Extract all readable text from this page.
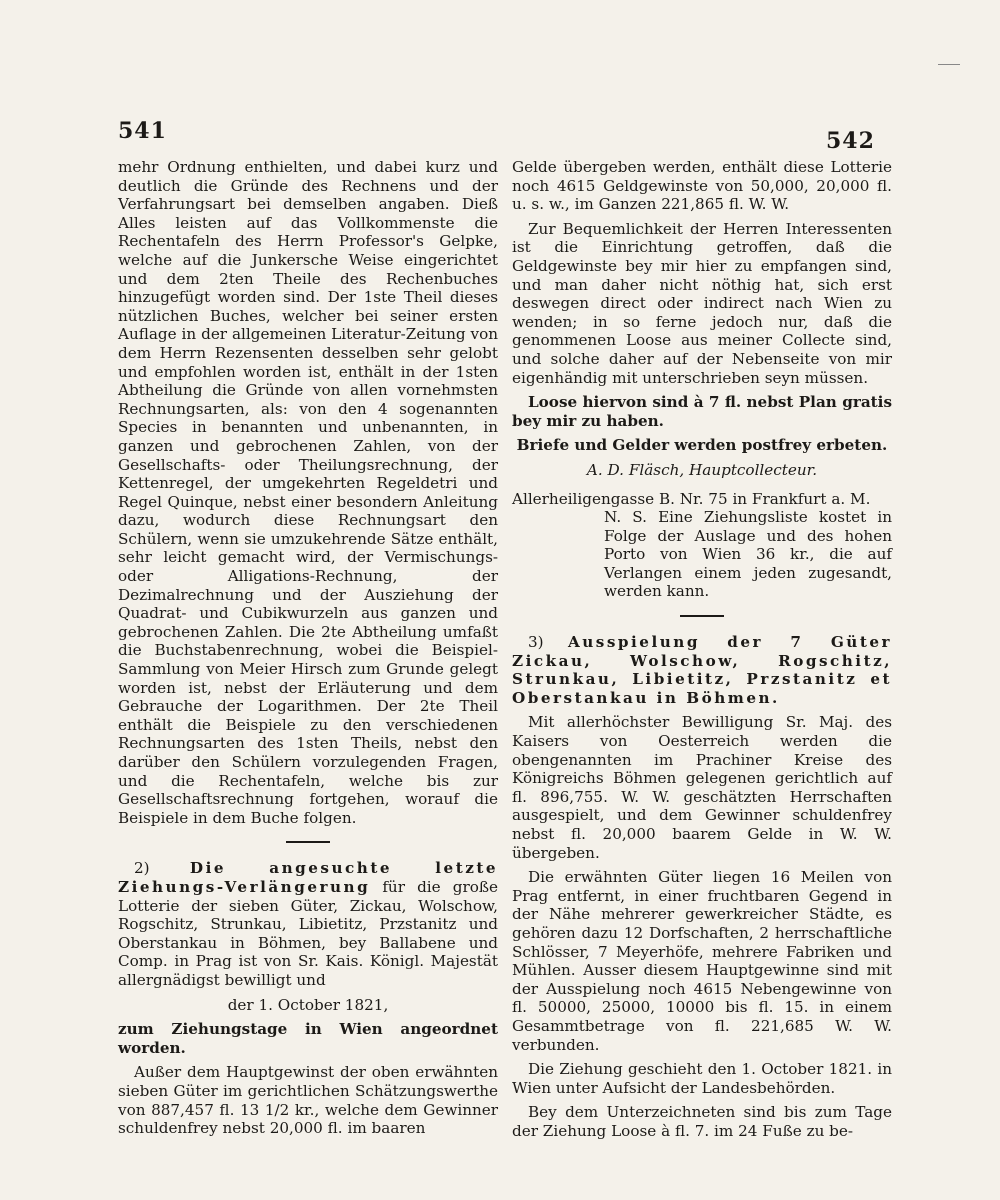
541	542

mehr Ordnung enthielten, und dabei kurz und deutlich die Gründe des Rechnens und der Verfahrungsart bei demselben angaben. Dieß Alles leisten auf das Vollkommenste die Rechentafeln des Herrn Professor's Gelpke, welche auf die Junkersche Weise eingerichtet und dem 2ten Theile des Rechenbuches hinzugefügt worden sind. Der 1ste Theil dieses nützlichen Buches, welcher bei seiner ersten Auflage in der allgemeinen Literatur-Zeitung von dem Herrn Rezensenten desselben sehr gelobt und empfohlen worden ist, enthält in der 1sten Abtheilung die Gründe von allen vornehmsten Rechnungsarten, als: von den 4 sogenannten Species in benannten und unbenannten, in ganzen und gebrochenen Zahlen, von der Gesellschafts- oder Theilungsrechnung, der Kettenregel, der umgekehrten Regeldetri und Regel Quinque, nebst einer besondern Anleitung dazu, wodurch diese Rechnungsart den Schülern, wenn sie umzukehrende Sätze enthält, sehr leicht gemacht wird, der Vermischungs- oder Alligations-Rechnung, der Dezimalrechnung und der Ausziehung der Quadrat- und Cubikwurzeln aus ganzen und gebrochenen Zahlen. Die 2te Abtheilung umfaßt die Buchstabenrechnung, wobei die Beispiel-Sammlung von Meier Hirsch zum Grunde gelegt worden ist, nebst der Erläuterung und dem Gebrauche der Logarithmen. Der 2te Theil enthält die Beispiele zu den verschiedenen Rechnungsarten des 1sten Theils, nebst den darüber den Schülern vorzulegenden Fragen, und die Rechentafeln, welche bis zur Gesellschaftsrechnung fortgehen, worauf die Beispiele in dem Buche folgen.

2)	Die angesuchte letzte Ziehungs-Verlängerung für die große Lotterie der sieben Güter, Zickau, Wolschow, Rogschitz, Strunkau, Libietitz, Przstanitz und Oberstankau in Böhmen, bey Ballabene und Comp. in Prag ist von Sr. Kais. Königl. Majestät allergnädigst bewilligt und

der 1. October 1821,

zum Ziehungstage in Wien angeordnet worden.

Außer dem Hauptgewinst der oben erwähnten sieben Güter im gerichtlichen Schätzungswerthe von 887,457 fl. 13 1/2 kr., welche dem Gewinner schuldenfrey nebst 20,000 fl. im baaren

Gelde übergeben werden, enthält diese Lotterie noch 4615 Geldgewinste von 50,000, 20,000 fl. u. s. w., im Ganzen 221,865 fl. W. W.

Zur Bequemlichkeit der Herren Interessenten ist die Einrichtung getroffen, daß die Geldgewinste bey mir hier zu empfangen sind, und man daher nicht nöthig hat, sich erst deswegen direct oder indirect nach Wien zu wenden; in so ferne jedoch nur, daß die genommenen Loose aus meiner Collecte sind, und solche daher auf der Nebenseite von mir eigenhändig mit unterschrieben seyn müssen.

Loose hiervon sind à 7 fl. nebst Plan gratis bey mir zu haben.

Briefe und Gelder werden postfrey erbeten.

A. D. Fläsch, Hauptcollecteur.

Allerheiligengasse B. Nr. 75 in Frankfurt a. M.

N. S. Eine Ziehungsliste kostet in Folge der Auslage und des hohen Porto von Wien 36 kr., die auf Verlangen einem jeden zugesandt, werden kann.

3) Ausspielung der 7 Güter Zickau, Wolschow, Rogschitz, Strunkau, Libietitz, Przstanitz et Oberstankau in Böhmen.

Mit allerhöchster Bewilligung Sr. Maj. des Kaisers von Oesterreich werden die obengenannten im Prachiner Kreise des Königreichs Böhmen gelegenen gerichtlich auf fl. 896,755. W. W. geschätzten Herrschaften ausgespielt, und dem Gewinner schuldenfrey nebst fl. 20,000 baarem Gelde in W. W. übergeben.

Die erwähnten Güter liegen 16 Meilen von Prag entfernt, in einer fruchtbaren Gegend in der Nähe mehrerer gewerkreicher Städte, es gehören dazu 12 Dorfschaften, 2 herrschaftliche Schlösser, 7 Meyerhöfe, mehrere Fabriken und Mühlen. Ausser diesem Hauptgewinne sind mit der Ausspielung noch 4615 Nebengewinne von fl. 50000, 25000, 10000 bis fl. 15. in einem Gesammtbetrage von fl. 221,685 W. W. verbunden.

Die Ziehung geschieht den 1. October 1821. in Wien unter Aufsicht der Landesbehörden.

Bey dem Unterzeichneten sind bis zum Tage der Ziehung Loose à fl. 7. im 24 Fuße zu be-
